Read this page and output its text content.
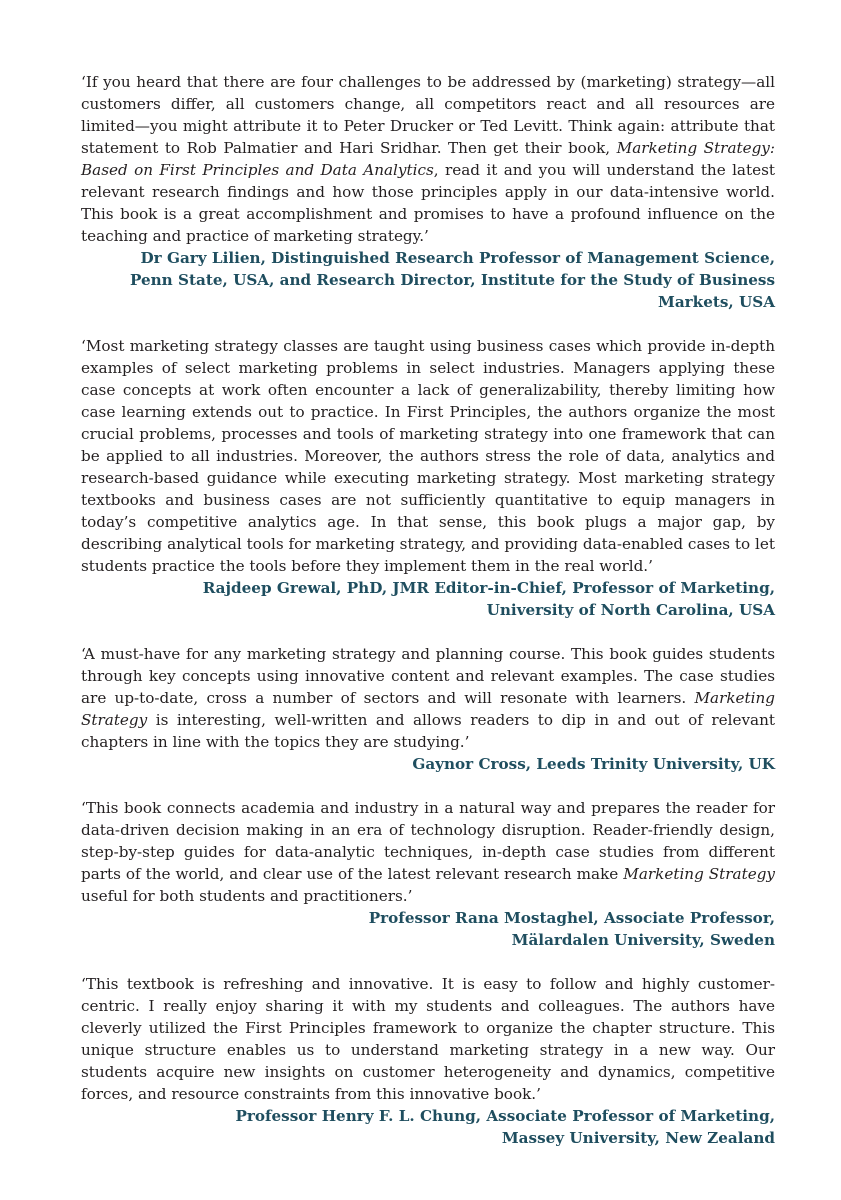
‘If you heard that there are four challenges to be addressed by (marketing) strategy—all customers differ, all customers change, all competitors react and all resources are limited—you might attribute it to Peter Drucker or Ted Levitt. Think again: attribute that statement to Rob Palmatier and Hari Sridhar. Then get their book, Marketing Strategy: Based on First Principles and Data Analytics, read it and you will understand the latest relevant research findings and how those principles apply in our data-intensive world. This book is a great accomplishment and promises to have a profound influence on the teaching and practice of marketing strategy.’

Dr Gary Lilien, Distinguished Research Professor of Management Science,
Penn State, USA, and Research Director, Institute for the Study of Business Markets, USA

‘Most marketing strategy classes are taught using business cases which provide in-depth examples of select marketing problems in select industries. Managers applying these case concepts at work often encounter a lack of generalizability, thereby limiting how case learning extends out to practice. In First Principles, the authors organize the most crucial problems, processes and tools of marketing strategy into one framework that can be applied to all industries. Moreover, the authors stress the role of data, analytics and research-based guidance while executing marketing strategy. Most marketing strategy textbooks and business cases are not sufficiently quantitative to equip managers in today’s competitive analytics age. In that sense, this book plugs a major gap, by describing analytical tools for marketing strategy, and providing data-enabled cases to let students practice the tools before they implement them in the real world.’

Rajdeep Grewal, PhD, JMR Editor-in-Chief, Professor of Marketing,
University of North Carolina, USA

‘A must-have for any marketing strategy and planning course. This book guides students through key concepts using innovative content and relevant examples. The case studies are up-to-date, cross a number of sectors and will resonate with learners. Marketing Strategy is interesting, well-written and allows readers to dip in and out of relevant chapters in line with the topics they are studying.’

Gaynor Cross, Leeds Trinity University, UK

‘This book connects academia and industry in a natural way and prepares the reader for data-driven decision making in an era of technology disruption. Reader-friendly design, step-by-step guides for data-analytic techniques, in-depth case studies from different parts of the world, and clear use of the latest relevant research make Marketing Strategy useful for both students and practitioners.’

Professor Rana Mostaghel, Associate Professor,
Mälardalen University, Sweden

‘This textbook is refreshing and innovative. It is easy to follow and highly customer-centric. I really enjoy sharing it with my students and colleagues. The authors have cleverly utilized the First Principles framework to organize the chapter structure. This unique structure enables us to understand marketing strategy in a new way. Our students acquire new insights on customer heterogeneity and dynamics, competitive forces, and resource constraints from this innovative book.’

Professor Henry F. L. Chung, Associate Professor of Marketing,
Massey University, New Zealand
